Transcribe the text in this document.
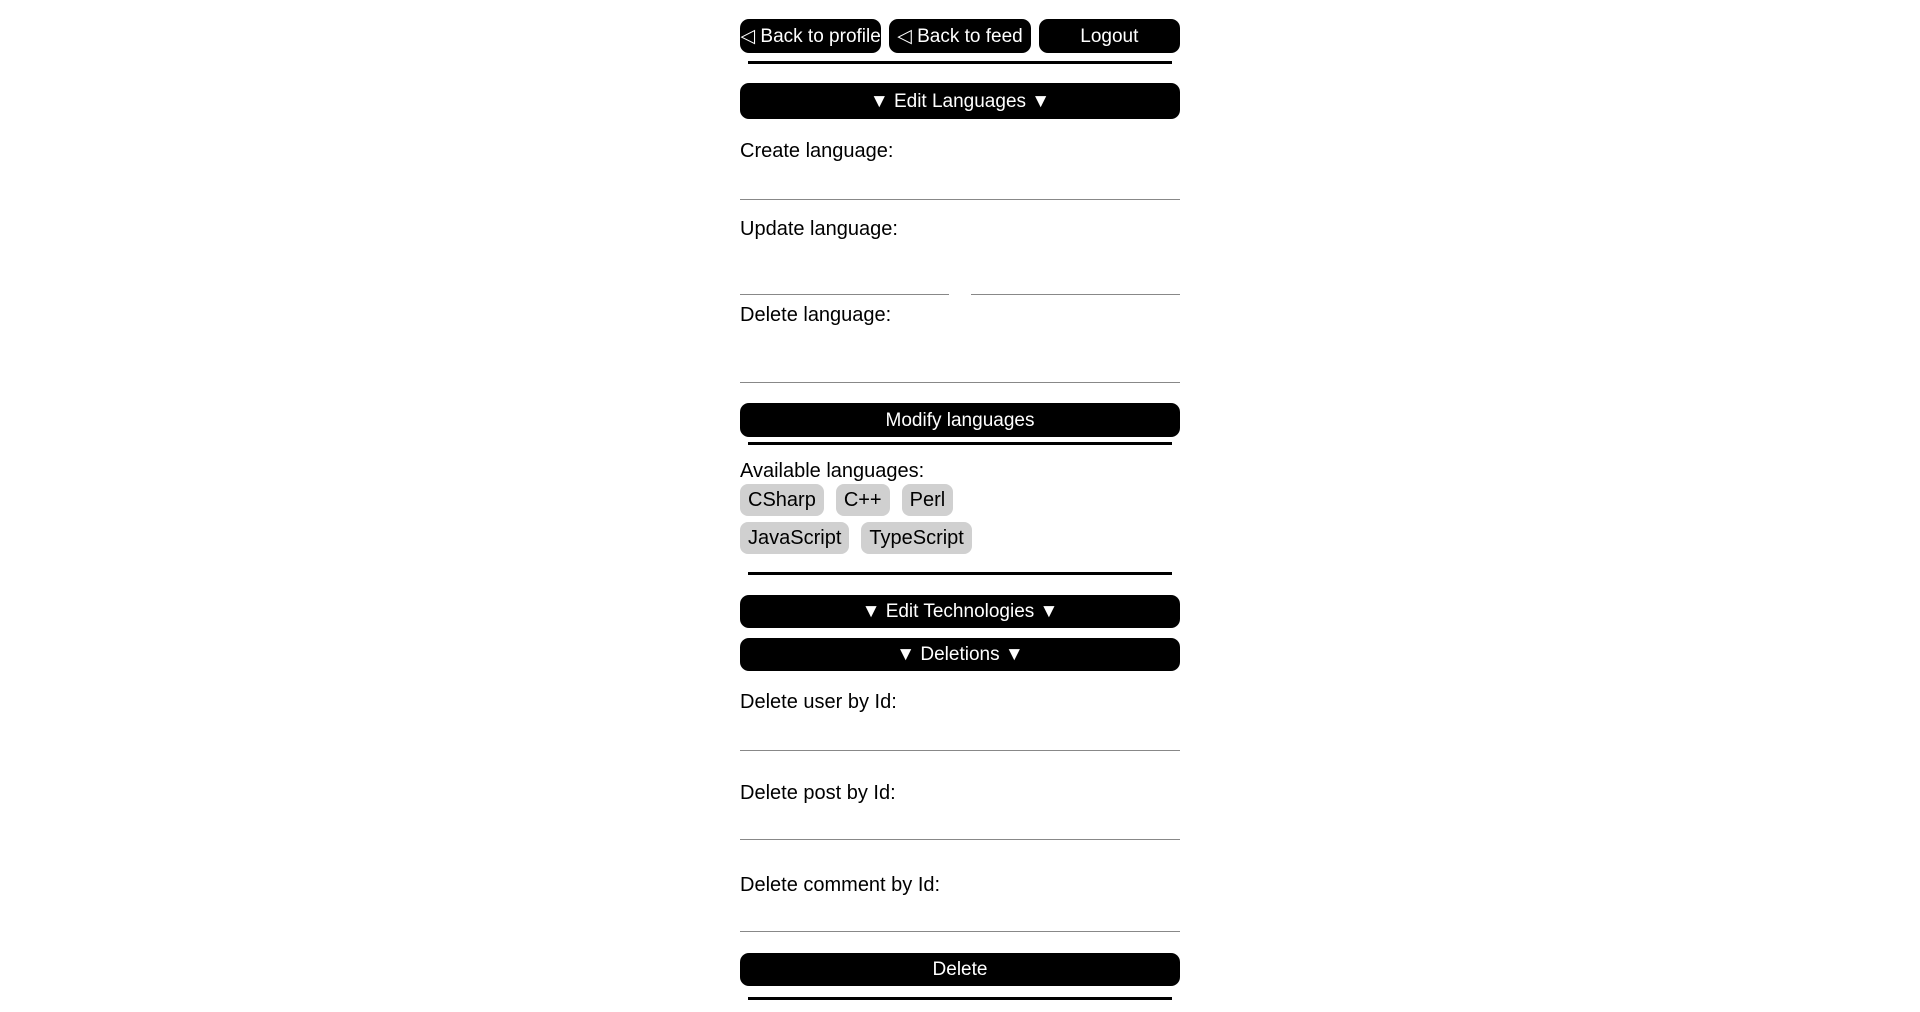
◁ Back to profile ◁ Back to feed	Logout
▼ Edit Languages ▼
Create language:
Update language:
Delete language:
Modify languages
Available languages:
CSharp C++ PerlJavaScript TypeScript
▼ Edit Technologies ▼
▼ Deletions ▼
Delete user by Id:
Delete post by Id:
Delete comment by Id:
Delete
